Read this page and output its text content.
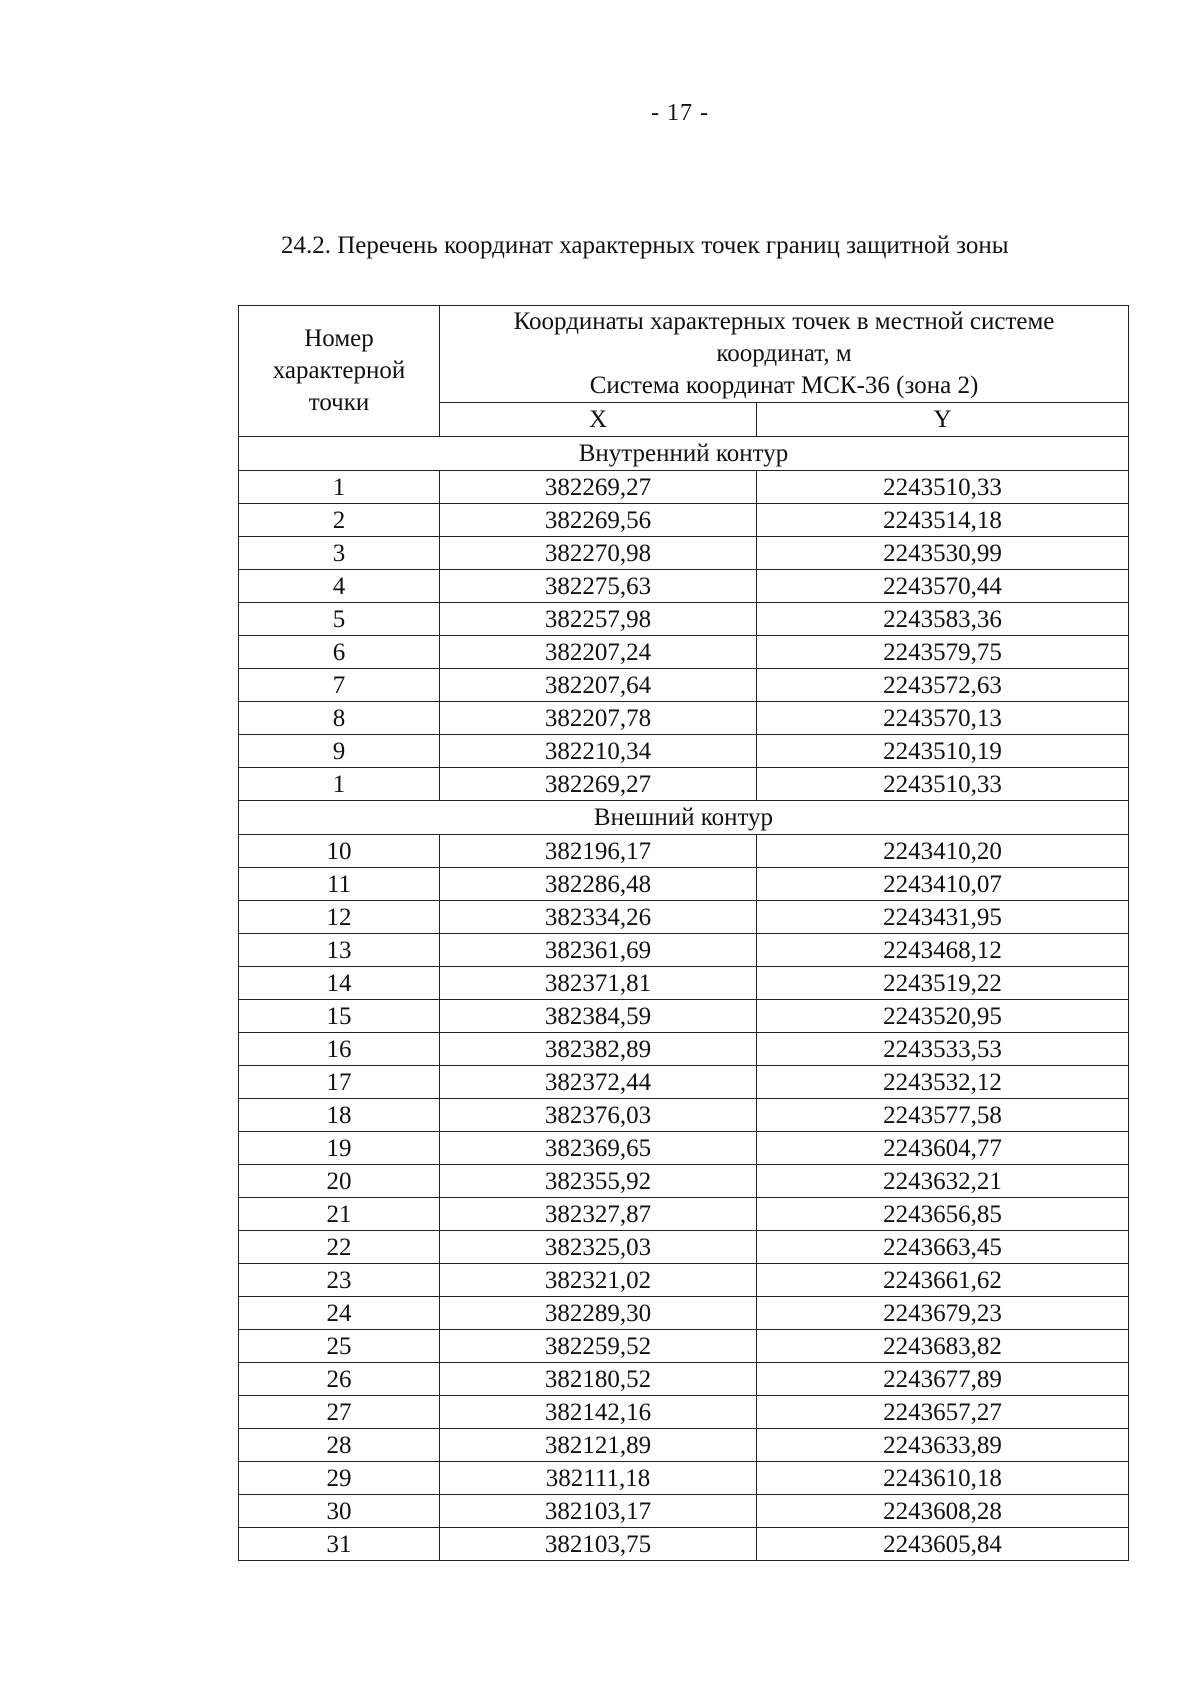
- 17 -
24.2. Перечень координат характерных точек границ защитной зоны
Номер
характерной
точки	Координаты характерных точек в местной системе
координат, м
Система координат МСК-36 (зона 2)	
	X	Y
Внутренний контур		
1	382269,27	2243510,33
2	382269,56	2243514,18
3	382270,98	2243530,99
4	382275,63	2243570,44
5	382257,98	2243583,36
6	382207,24	2243579,75
7	382207,64	2243572,63
8	382207,78	2243570,13
9	382210,34	2243510,19
1	382269,27	2243510,33
Внешний контур		
10	382196,17	2243410,20
11	382286,48	2243410,07
12	382334,26	2243431,95
13	382361,69	2243468,12
14	382371,81	2243519,22
15	382384,59	2243520,95
16	382382,89	2243533,53
17	382372,44	2243532,12
18	382376,03	2243577,58
19	382369,65	2243604,77
20	382355,92	2243632,21
21	382327,87	2243656,85
22	382325,03	2243663,45
23	382321,02	2243661,62
24	382289,30	2243679,23
25	382259,52	2243683,82
26	382180,52	2243677,89
27	382142,16	2243657,27
28	382121,89	2243633,89
29	382111,18	2243610,18
30	382103,17	2243608,28
31	382103,75	2243605,84
